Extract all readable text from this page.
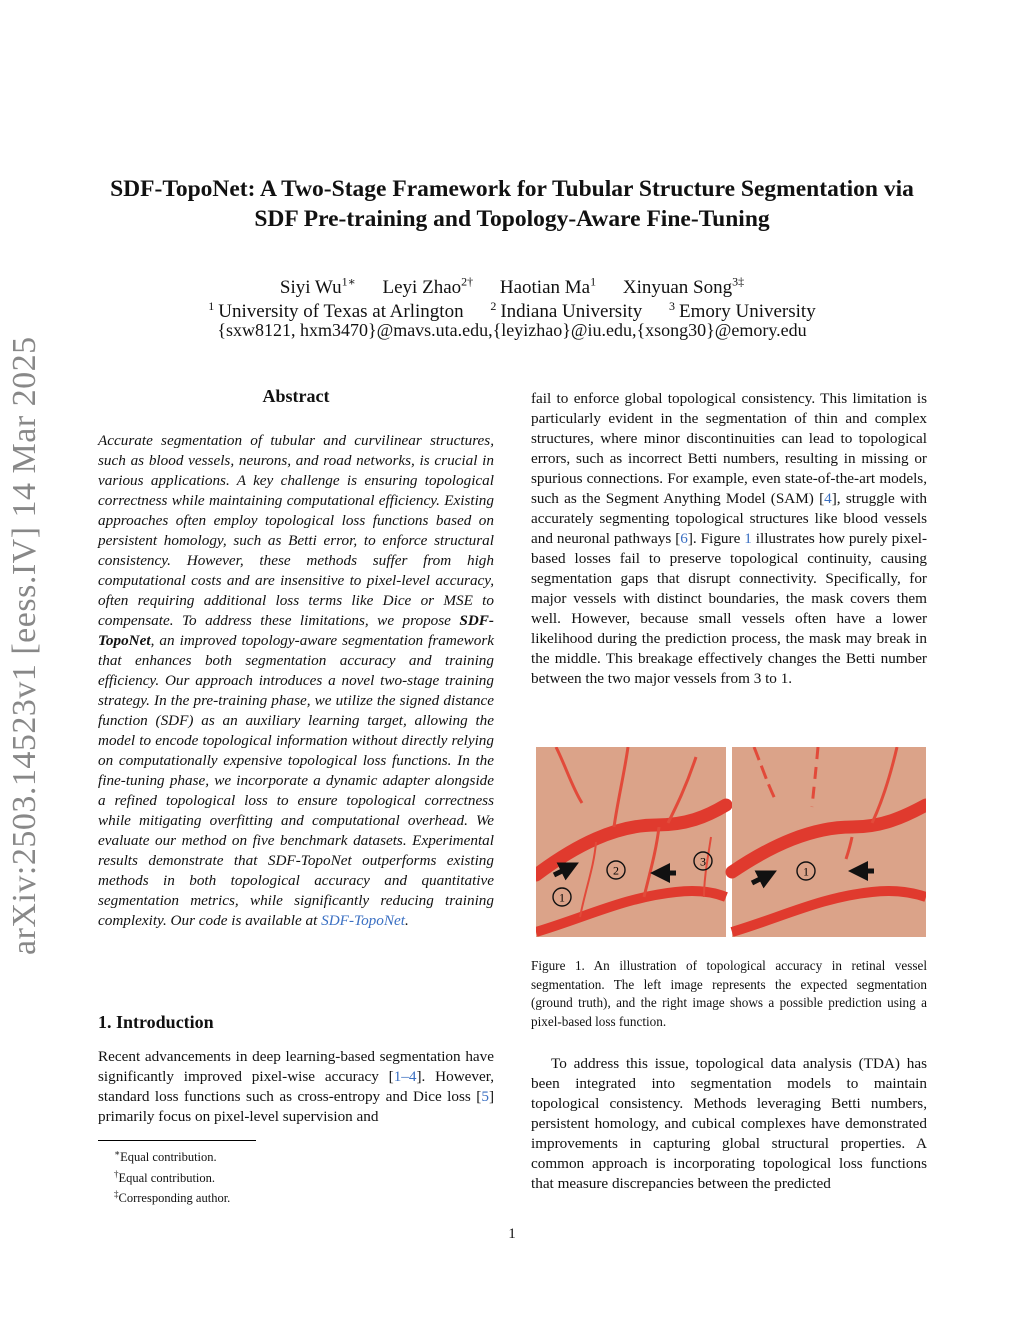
arXiv:2503.14523v1 [eess.IV] 14 Mar 2025
SDF-TopoNet: A Two-Stage Framework for Tubular Structure Segmentation via
SDF Pre-training and Topology-Aware Fine-Tuning
Siyi $Wu^{1∗}$ Leyi Zhao$^{2\dagger}$ Haotian Ma$^1$ Xinyuan Song$^{3\ddagger}$
$^1$ University of Texas at Arlington $^2$ Indiana University $^3$ Emory University
{sxw8121, hxm3470}@mavs.uta.edu,{leyizhao}@iu.edu,{xsong30}@emory.edu
Abstract
Accurate segmentation of tubular and curvilinear structures, such as blood vessels, neurons, and road networks, is crucial in various applications. A key challenge is ensuring topological correctness while maintaining computational efficiency. Existing approaches often employ topological loss functions based on persistent homology, such as Betti error, to enforce structural consistency. However, these methods suffer from high computational costs and are insensitive to pixel-level accuracy, often requiring additional loss terms like Dice or MSE to compensate. To address these limitations, we propose SDF-TopoNet, an improved topology-aware segmentation framework that enhances both segmentation accuracy and training efficiency. Our approach introduces a novel two-stage training strategy. In the pre-training phase, we utilize the signed distance function (SDF) as an auxiliary learning target, allowing the model to encode topological information without directly relying on computationally expensive topological loss functions. In the fine-tuning phase, we incorporate a dynamic adapter alongside a refined topological loss to ensure topological correctness while mitigating overfitting and computational overhead. We evaluate our method on five benchmark datasets. Experimental results demonstrate that SDF-TopoNet outperforms existing methods in both topological accuracy and quantitative segmentation metrics, while significantly reducing training complexity. Our code is available at SDF-TopoNet.
1. Introduction
Recent advancements in deep learning-based segmentation have significantly improved pixel-wise accuracy [1–4]. However, standard loss functions such as cross-entropy and Dice loss [5] primarily focus on pixel-level supervision and
∗Equal contribution.
†Equal contribution.
‡Corresponding author.
fail to enforce global topological consistency. This limitation is particularly evident in the segmentation of thin and complex structures, where minor discontinuities can lead to topological errors, such as incorrect Betti numbers, resulting in missing or spurious connections. For example, even state-of-the-art models, such as the Segment Anything Model (SAM) [4], struggle with accurately segmenting topological structures like blood vessels and neuronal pathways [6]. Figure 1 illustrates how purely pixel-based losses fail to preserve topological continuity, causing segmentation gaps that disrupt connectivity. Specifically, for major vessels with distinct boundaries, the mask covers them well. However, because small vessels often have a lower likelihood during the prediction process, the mask may break in the middle. This breakage effectively changes the Betti number between the two major vessels from 3 to 1.
1
2
3
1
Figure 1. An illustration of topological accuracy in retinal vessel segmentation. The left image represents the expected segmentation (ground truth), and the right image shows a possible prediction using a pixel-based loss function.
To address this issue, topological data analysis (TDA) has been integrated into segmentation models to maintain topological consistency. Methods leveraging Betti numbers, persistent homology, and cubical complexes have demonstrated improvements in capturing global structural properties. A common approach is incorporating topological loss functions that measure discrepancies between the predicted
1
